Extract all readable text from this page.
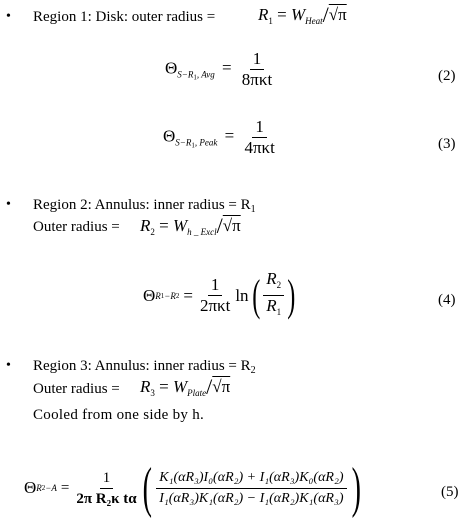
• Region 1: Disk: outer radius =	$R_1 = W_{Heat}/√\pi$
$\Theta_{S-R1, Avg} = \frac{1}{\text{8πκt}}$	(2)
$\Theta_{S-R1, Peak} = \frac{1}{\text{4πκt}}$	(3)
• Region 2: Annulus: inner radius = $R_1$
Outer radius = $R_2 = W_{h \_ Excl}/√\pi$
Θ R 1 −R $2 = \frac{1}{\text{2πκt}}$ ln ( $\frac{R_2}{R_1}$ )	(4)
• Region 3: Annulus: inner radius = $R_2$
Outer radius = $R_3 = W_{Plate}/√\pi$
Cooled from one side by h.
Θ R $2 -A = \frac{1}{\text{2π R₂κ tα}}$ ( $\frac{\text{K₁(αR₃)I₀(αR₂) + I₁(αR₃)K₀(αR₂)}}{\text{I₁(αR₃)K₁(αR₂) − I₁(αR₂)K₁(αR₃)}}$ )	(5)
